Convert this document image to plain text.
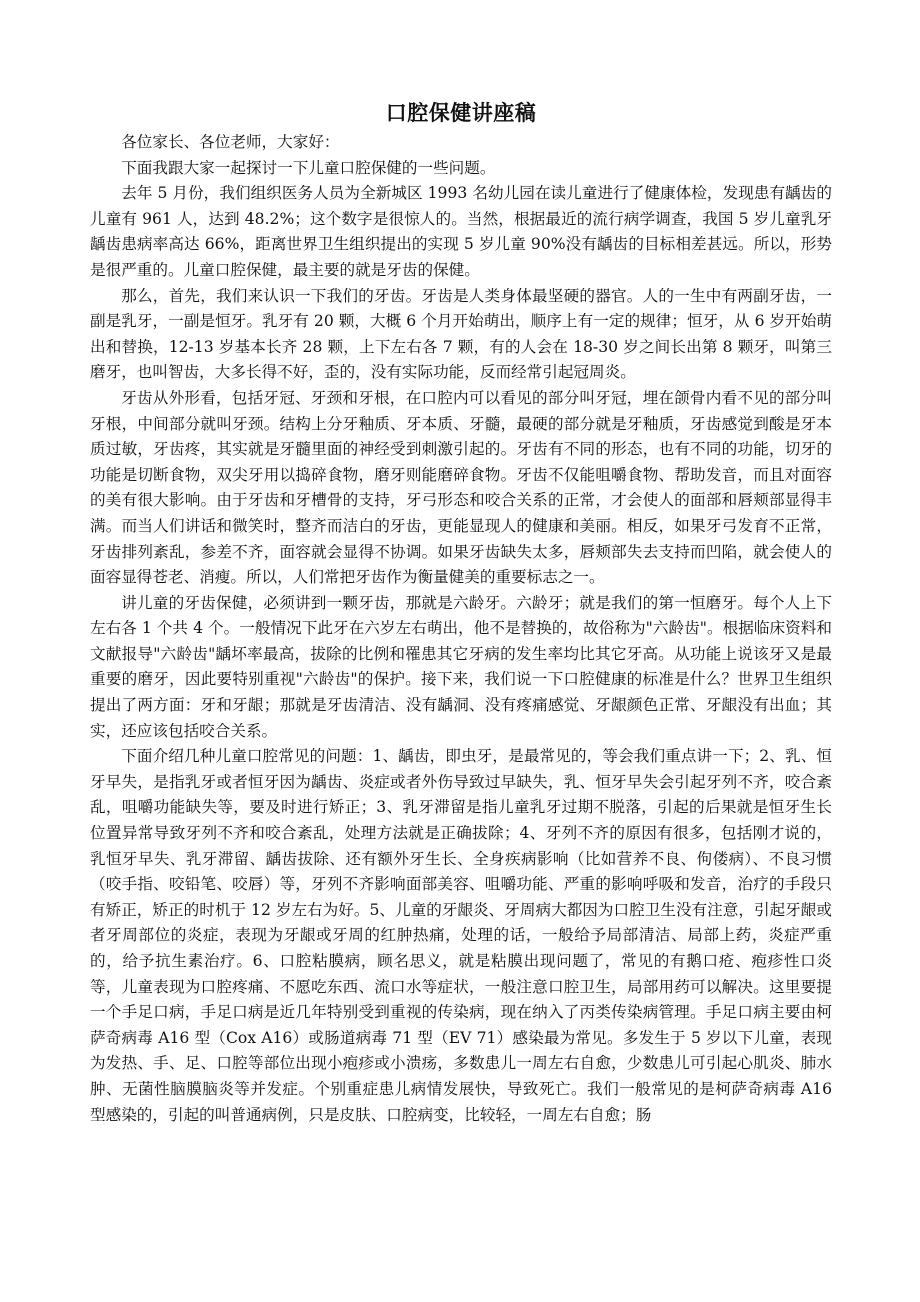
口腔保健讲座稿

各位家长、各位老师，大家好：

下面我跟大家一起探讨一下儿童口腔保健的一些问题。

去年 5 月份，我们组织医务人员为全新城区 1993 名幼儿园在读儿童进行了健康体检，发现患有龋齿的儿童有 961 人，达到 48.2%；这个数字是很惊人的。当然，根据最近的流行病学调查，我国 5 岁儿童乳牙龋齿患病率高达 66%，距离世界卫生组织提出的实现 5 岁儿童 90%没有龋齿的目标相差甚远。所以，形势是很严重的。儿童口腔保健，最主要的就是牙齿的保健。

那么，首先，我们来认识一下我们的牙齿。牙齿是人类身体最坚硬的器官。人的一生中有两副牙齿，一副是乳牙，一副是恒牙。乳牙有 20 颗，大概 6 个月开始萌出，顺序上有一定的规律；恒牙，从 6 岁开始萌出和替换，12-13 岁基本长齐 28 颗，上下左右各 7 颗，有的人会在 18-30 岁之间长出第 8 颗牙，叫第三磨牙，也叫智齿，大多长得不好，歪的，没有实际功能，反而经常引起冠周炎。

牙齿从外形看，包括牙冠、牙颈和牙根，在口腔内可以看见的部分叫牙冠，埋在颌骨内看不见的部分叫牙根，中间部分就叫牙颈。结构上分牙釉质、牙本质、牙髓，最硬的部分就是牙釉质，牙齿感觉到酸是牙本质过敏，牙齿疼，其实就是牙髓里面的神经受到刺激引起的。牙齿有不同的形态，也有不同的功能，切牙的功能是切断食物，双尖牙用以捣碎食物，磨牙则能磨碎食物。牙齿不仅能咀嚼食物、帮助发音，而且对面容的美有很大影响。由于牙齿和牙槽骨的支持，牙弓形态和咬合关系的正常，才会使人的面部和唇颊部显得丰满。而当人们讲话和微笑时，整齐而洁白的牙齿，更能显现人的健康和美丽。相反，如果牙弓发育不正常，牙齿排列紊乱，参差不齐，面容就会显得不协调。如果牙齿缺失太多，唇颊部失去支持而凹陷，就会使人的面容显得苍老、消瘦。所以，人们常把牙齿作为衡量健美的重要标志之一。

讲儿童的牙齿保健，必须讲到一颗牙齿，那就是六龄牙。六龄牙；就是我们的第一恒磨牙。每个人上下左右各 1 个共 4 个。一般情况下此牙在六岁左右萌出，他不是替换的，故俗称为"六龄齿"。根据临床资料和文献报导"六龄齿"龋坏率最高，拔除的比例和罹患其它牙病的发生率均比其它牙高。从功能上说该牙又是最重要的磨牙，因此要特别重视"六龄齿"的保护。接下来，我们说一下口腔健康的标准是什么？世界卫生组织提出了两方面：牙和牙龈；那就是牙齿清洁、没有龋洞、没有疼痛感觉、牙龈颜色正常、牙龈没有出血；其实，还应该包括咬合关系。

下面介绍几种儿童口腔常见的问题：1、龋齿，即虫牙，是最常见的，等会我们重点讲一下；2、乳、恒牙早失，是指乳牙或者恒牙因为龋齿、炎症或者外伤导致过早缺失，乳、恒牙早失会引起牙列不齐，咬合紊乱，咀嚼功能缺失等，要及时进行矫正；3、乳牙滞留是指儿童乳牙过期不脱落，引起的后果就是恒牙生长位置异常导致牙列不齐和咬合紊乱，处理方法就是正确拔除；4、牙列不齐的原因有很多，包括刚才说的，乳恒牙早失、乳牙滞留、龋齿拔除、还有额外牙生长、全身疾病影响（比如营养不良、佝偻病）、不良习惯（咬手指、咬铅笔、咬唇）等，牙列不齐影响面部美容、咀嚼功能、严重的影响呼吸和发音，治疗的手段只有矫正，矫正的时机于 12 岁左右为好。5、儿童的牙龈炎、牙周病大都因为口腔卫生没有注意，引起牙龈或者牙周部位的炎症，表现为牙龈或牙周的红肿热痛，处理的话，一般给予局部清洁、局部上药，炎症严重的，给予抗生素治疗。6、口腔粘膜病，顾名思义，就是粘膜出现问题了，常见的有鹅口疮、疱疹性口炎等，儿童表现为口腔疼痛、不愿吃东西、流口水等症状，一般注意口腔卫生，局部用药可以解决。这里要提一个手足口病，手足口病是近几年特别受到重视的传染病，现在纳入了丙类传染病管理。手足口病主要由柯萨奇病毒 A16 型（Cox A16）或肠道病毒 71 型（EV 71）感染最为常见。多发生于 5 岁以下儿童，表现为发热、手、足、口腔等部位出现小疱疹或小溃疡，多数患儿一周左右自愈，少数患儿可引起心肌炎、肺水肿、无菌性脑膜脑炎等并发症。个别重症患儿病情发展快，导致死亡。我们一般常见的是柯萨奇病毒 A16 型感染的，引起的叫普通病例，只是皮肤、口腔病变，比较轻，一周左右自愈；肠
